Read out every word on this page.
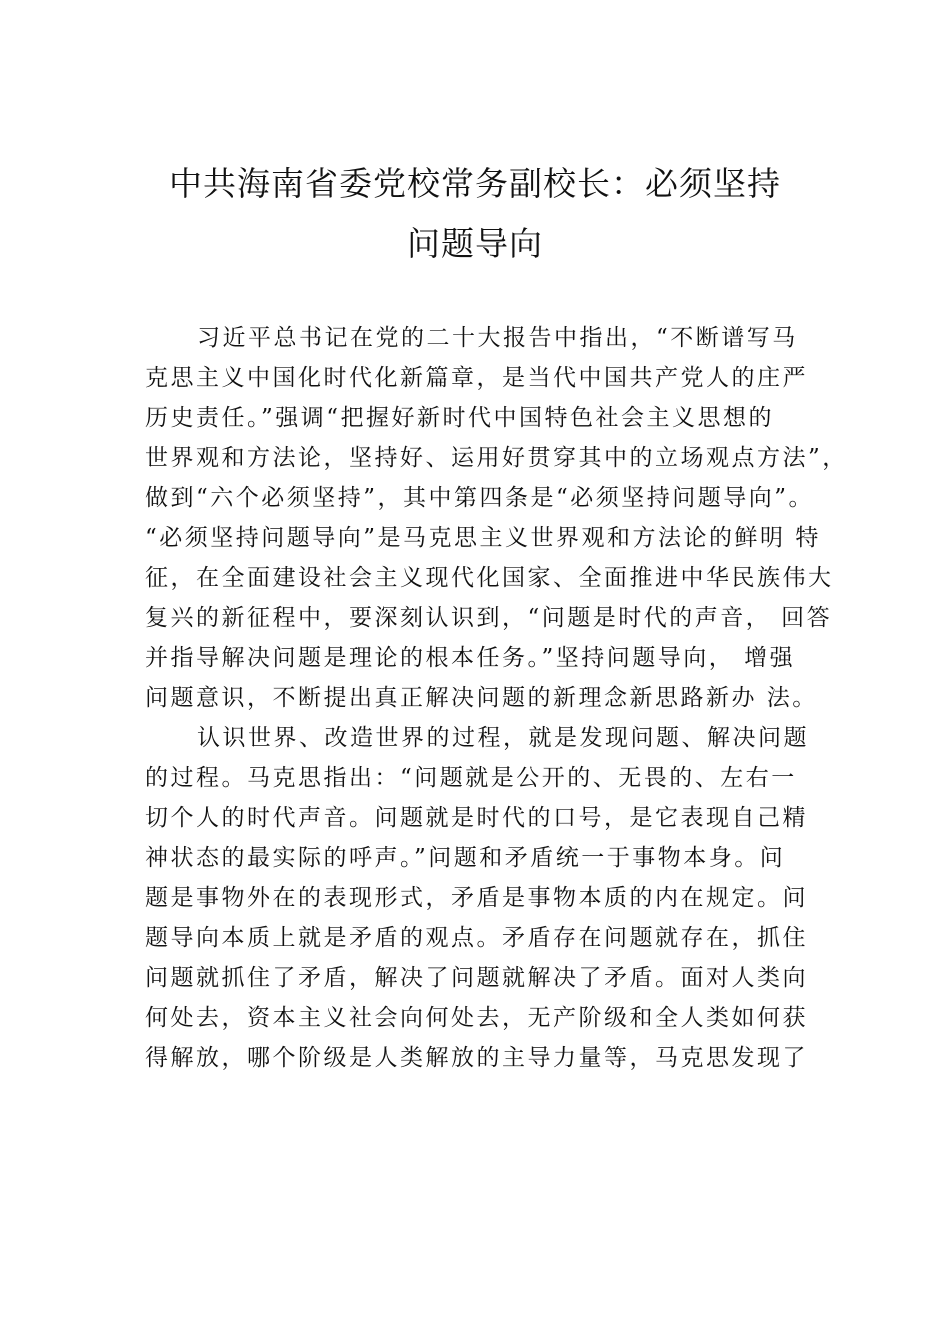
中共海南省委党校常务副校长：必须坚持
问题导向
习近平总书记在党的二十大报告中指出，“不断谱写马
克思主义中国化时代化新篇章，是当代中国共产党人的庄严
历史责任。”强调“把握好新时代中国特色社会主义思想的
世界观和方法论，坚持好、运用好贯穿其中的立场观点方法”，
做到“六个必须坚持”，其中第四条是“必须坚持问题导向”。
“必须坚持问题导向”是马克思主义世界观和方法论的鲜明 特
征，在全面建设社会主义现代化国家、全面推进中华民族伟大
复兴的新征程中，要深刻认识到，“问题是时代的声音， 回答
并指导解决问题是理论的根本任务。”坚持问题导向， 增强
问题意识，不断提出真正解决问题的新理念新思路新办 法。
认识世界、改造世界的过程，就是发现问题、解决问题
的过程。马克思指出：“问题就是公开的、无畏的、左右一
切个人的时代声音。问题就是时代的口号，是它表现自己精
神状态的最实际的呼声。”问题和矛盾统一于事物本身。问
题是事物外在的表现形式，矛盾是事物本质的内在规定。问
题导向本质上就是矛盾的观点。矛盾存在问题就存在，抓住
问题就抓住了矛盾，解决了问题就解决了矛盾。面对人类向
何处去，资本主义社会向何处去，无产阶级和全人类如何获
得解放，哪个阶级是人类解放的主导力量等，马克思发现了
